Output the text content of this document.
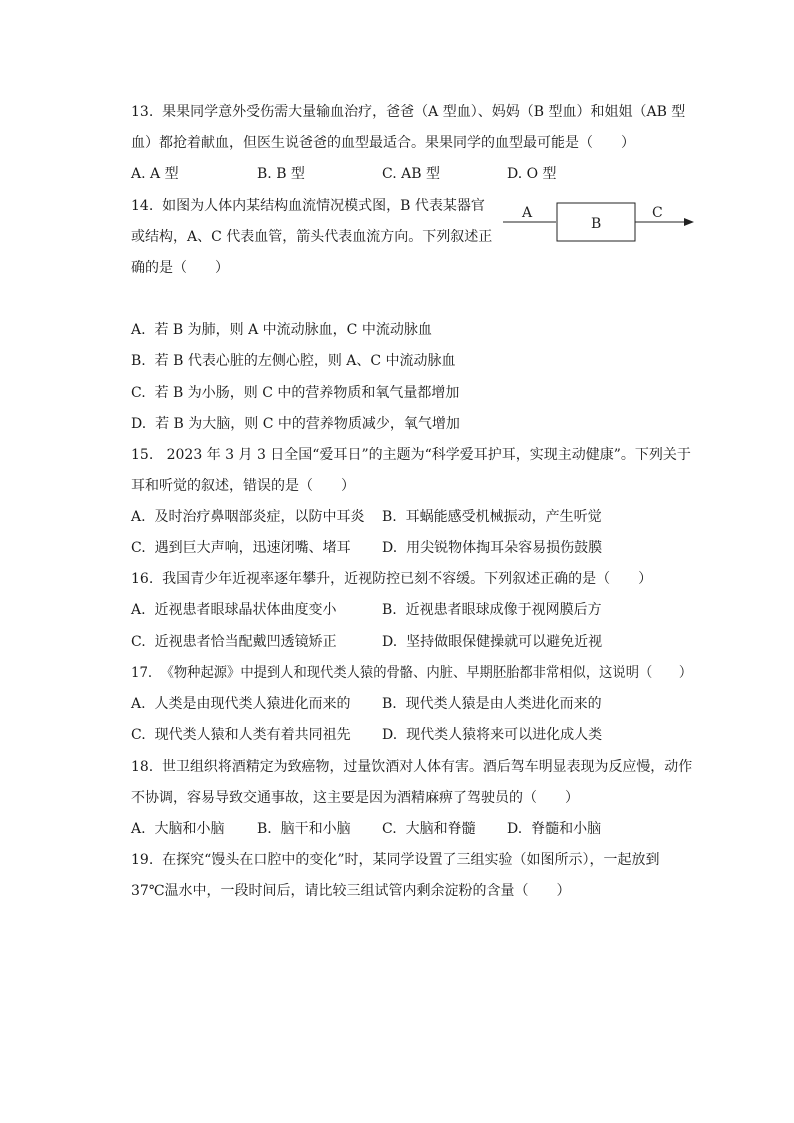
13.  果果同学意外受伤需大量输血治疗，爸爸（A 型血）、妈妈（B 型血）和姐姐（AB 型
血）都抢着献血，但医生说爸爸的血型最适合。果果同学的血型最可能是（　　）
A. A 型	B. B 型	C. AB 型	D. O 型
14.  如图为人体内某结构血流情况模式图，B 代表某器官
或结构，A、C 代表血管，箭头代表血流方向。下列叙述正
确的是（　　）
A
B
C
A.  若 B 为肺，则 A 中流动脉血，C 中流动脉血
B.  若 B 代表心脏的左侧心腔，则 A、C 中流动脉血
C.  若 B 为小肠，则 C 中的营养物质和氧气量都增加
D.  若 B 为大脑，则 C 中的营养物质减少，氧气增加
15.   2023 年 3 月 3 日全国“爱耳日”的主题为“科学爱耳护耳，实现主动健康”。下列关于
耳和听觉的叙述，错误的是（　　）
A.  及时治疗鼻咽部炎症，以防中耳炎 B.  耳蜗能感受机械振动，产生听觉
C.  遇到巨大声响，迅速闭嘴、堵耳 D.  用尖锐物体掏耳朵容易损伤鼓膜
16.  我国青少年近视率逐年攀升，近视防控已刻不容缓。下列叙述正确的是（　　）
A.  近视患者眼球晶状体曲度变小	B.  近视患者眼球成像于视网膜后方
C.  近视患者恰当配戴凹透镜矫正	D.  坚持做眼保健操就可以避免近视
17.  《物种起源》中提到人和现代类人猿的骨骼、内脏、早期胚胎都非常相似，这说明（　　）
A.  人类是由现代类人猿进化而来的 B.  现代类人猿是由人类进化而来的
C.  现代类人猿和人类有着共同祖先 D.  现代类人猿将来可以进化成人类
18.  世卫组织将酒精定为致癌物，过量饮酒对人体有害。酒后驾车明显表现为反应慢，动作
不协调，容易导致交通事故，这主要是因为酒精麻痹了驾驶员的（　　）
A.  大脑和小脑 B.  脑干和小脑 C.  大脑和脊髓 D.  脊髓和小脑
19.  在探究“馒头在口腔中的变化”时，某同学设置了三组实验（如图所示），一起放到
37℃温水中，一段时间后，请比较三组试管内剩余淀粉的含量（　　）
